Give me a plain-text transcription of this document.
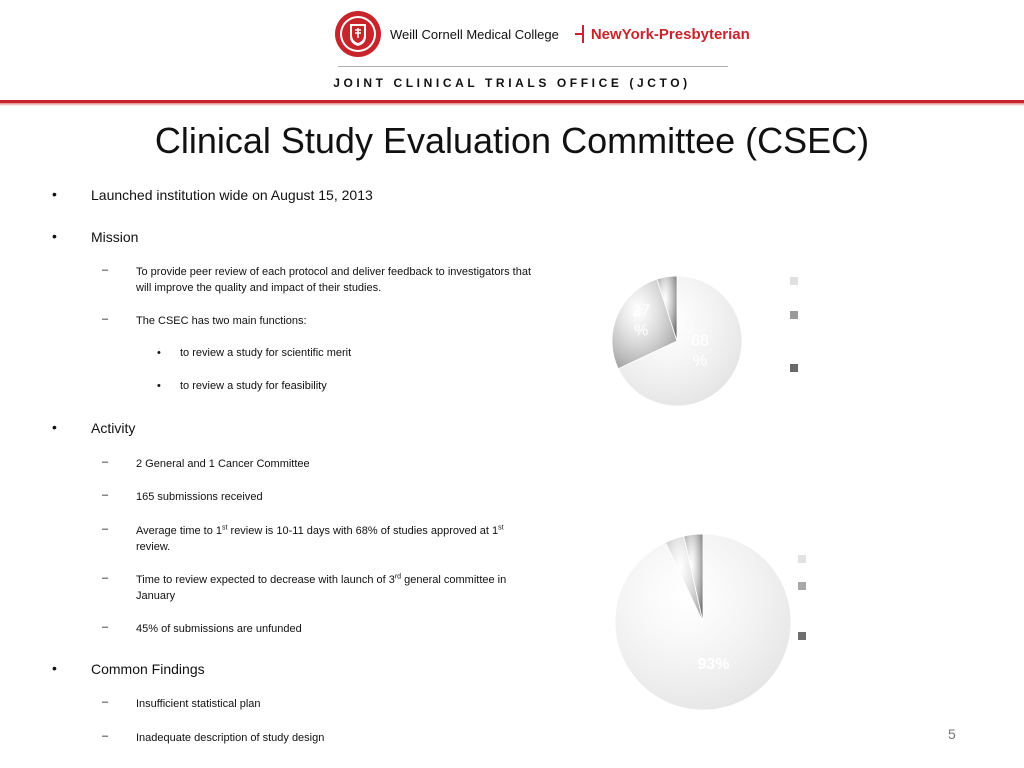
Weill Cornell Medical College NewYork-Presbyterian
JOINT CLINICAL TRIALS OFFICE (JCTO)
Clinical Study Evaluation Committee (CSEC)
• Launched institution wide on August 15, 2013
• Mission
–	To provide peer review of each protocol and deliver feedback to investigators that will improve the quality and impact of their studies.
–	The CSEC has two main functions:
• to review a study for scientific merit
• to review a study for feasibility
• Activity
–	2 General and 1 Cancer Committee
–	165 submissions received
–	Average time to 1st review is 10-11 days with 68% of studies approved at 1st
review.
–	Time to review expected to decrease with launch of 3rd general committee in January
–	45% of submissions are unfunded
• Common Findings
–	Insufficient statistical plan
–	Inadequate description of study design
68 %
27 %
93%
5
